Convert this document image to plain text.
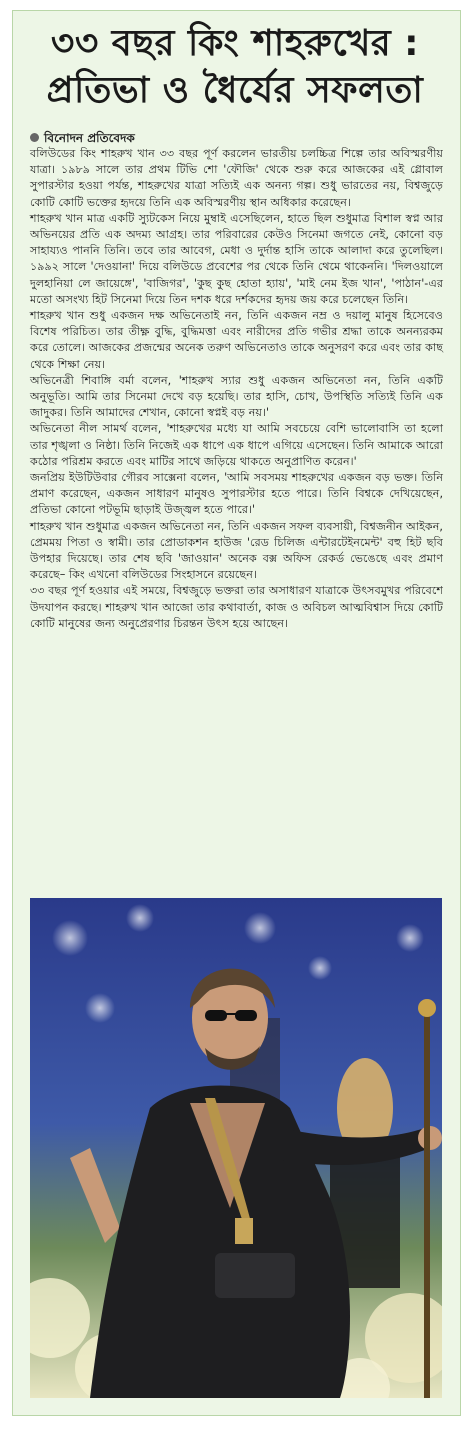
৩৩ বছর কিং শাহরুখের :
প্রতিভা ও ধৈর্যের সফলতা
বিনোদন প্রতিবেদক

বলিউডের কিং শাহরুখ খান ৩৩ বছর পূর্ণ করলেন ভারতীয় চলচ্চিত্র শিল্পে তার অবিস্মরণীয় যাত্রা। ১৯৮৯ সালে তার প্রথম টিভি শো 'ফৌজি' থেকে শুরু করে আজকের এই গ্লোবাল সুপারস্টার হওয়া পর্যন্ত, শাহরুখের যাত্রা সত্যিই এক অনন্য গল্প। শুধু ভারতের নয়, বিশ্বজুড়ে কোটি কোটি ভক্তের হৃদয়ে তিনি এক অবিস্মরণীয় স্থান অধিকার করেছেন।

শাহরুখ খান মাত্র একটি স্যুটকেস নিয়ে মুম্বাই এসেছিলেন, হাতে ছিল শুধুমাত্র বিশাল স্বপ্ন আর অভিনয়ের প্রতি এক অদম্য আগ্রহ। তার পরিবারের কেউও সিনেমা জগতে নেই, কোনো বড় সাহায্যও পাননি তিনি। তবে তার আবেগ, মেধা ও দুর্দান্ত হাসি তাকে আলাদা করে তুলেছিল। ১৯৯২ সালে 'দেওয়ানা' দিয়ে বলিউডে প্রবেশের পর থেকে তিনি থেমে থাকেননি। 'দিলওয়ালে দুলহানিয়া লে জায়েঙ্গে', 'বাজিগর', 'কুছ কুছ হোতা হ্যায়', 'মাই নেম ইজ খান', 'পাঠান'-এর মতো অসংখ্য হিট সিনেমা দিয়ে তিন দশক ধরে দর্শকদের হৃদয় জয় করে চলেছেন তিনি।

শাহরুখ খান শুধু একজন দক্ষ অভিনেতাই নন, তিনি একজন নম্র ও দয়ালু মানুষ হিসেবেও বিশেষ পরিচিত। তার তীক্ষ্ণ বুদ্ধি, বুদ্ধিমত্তা এবং নারীদের প্রতি গভীর শ্রদ্ধা তাকে অনন্যরকম করে তোলে। আজকের প্রজন্মের অনেক তরুণ অভিনেতাও তাকে অনুসরণ করে এবং তার কাছ থেকে শিক্ষা নেয়।

অভিনেত্রী শিবাঙ্গি বর্মা বলেন, 'শাহরুখ স্যার শুধু একজন অভিনেতা নন, তিনি একটি অনুভূতি। আমি তার সিনেমা দেখে বড় হয়েছি। তার হাসি, চোখ, উপস্থিতি সত্যিই তিনি এক জাদুকর। তিনি আমাদের শেখান, কোনো স্বপ্নই বড় নয়।'

অভিনেতা নীল সামর্থ বলেন, 'শাহরুখের মধ্যে যা আমি সবচেয়ে বেশি ভালোবাসি তা হলো তার শৃঙ্খলা ও নিষ্ঠা। তিনি নিজেই এক ধাপে এক ধাপে এগিয়ে এসেছেন। তিনি আমাকে আরো কঠোর পরিশ্রম করতে এবং মাটির সাথে জড়িয়ে থাকতে অনুপ্রাণিত করেন।'

জনপ্রিয় ইউটিউবার গৌরব সাক্সেনা বলেন, 'আমি সবসময় শাহরুখের একজন বড় ভক্ত। তিনি প্রমাণ করেছেন, একজন সাধারণ মানুষও সুপারস্টার হতে পারে। তিনি বিশ্বকে দেখিয়েছেন, প্রতিভা কোনো পটভূমি ছাড়াই উজ্জ্বল হতে পারে।'

শাহরুখ খান শুধুমাত্র একজন অভিনেতা নন, তিনি একজন সফল ব্যবসায়ী, বিশ্বজনীন আইকন, প্রেমময় পিতা ও স্বামী। তার প্রোডাকশন হাউজ 'রেড চিলিজ এন্টারটেইনমেন্ট' বহু হিট ছবি উপহার দিয়েছে। তার শেষ ছবি 'জাওয়ান' অনেক বক্স অফিস রেকর্ড ভেঙেছে এবং প্রমাণ করেছে– কিং এখনো বলিউডের সিংহাসনে রয়েছেন।

৩৩ বছর পূর্ণ হওয়ার এই সময়ে, বিশ্বজুড়ে ভক্তরা তার অসাধারণ যাত্রাকে উৎসবমুখর পরিবেশে উদযাপন করছে। শাহরুখ খান আজো তার কথাবার্তা, কাজ ও অবিচল আত্মবিশ্বাস দিয়ে কোটি কোটি মানুষের জন্য অনুপ্রেরণার চিরন্তন উৎস হয়ে আছেন।
